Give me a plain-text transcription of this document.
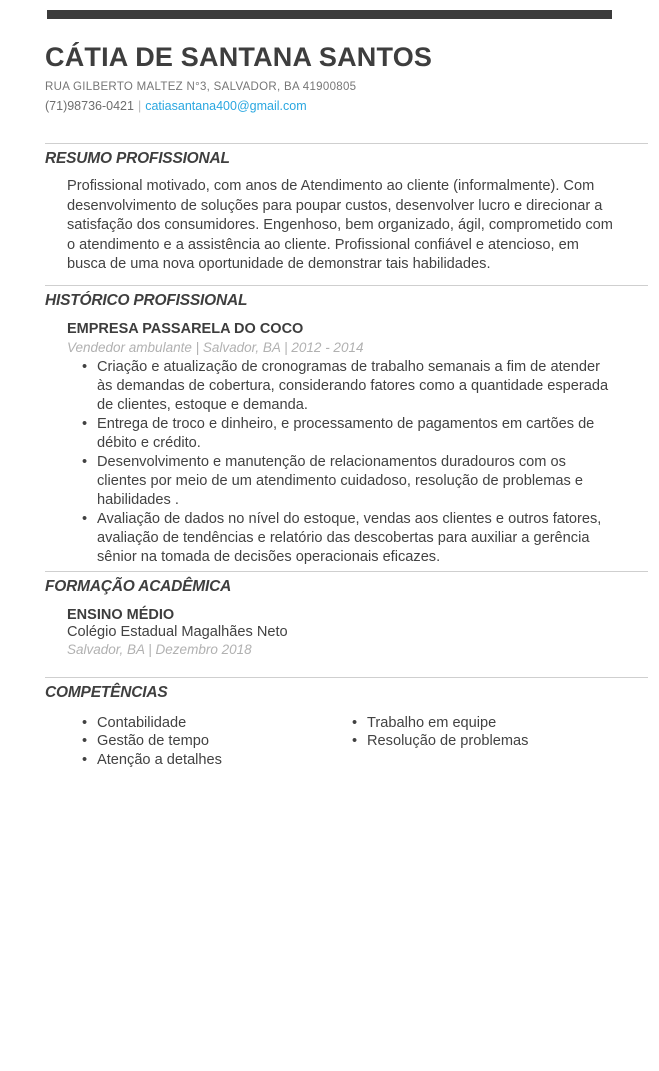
CÁTIA DE SANTANA SANTOS
RUA GILBERTO MALTEZ N°3, SALVADOR, BA 41900805
(71)98736-0421 | catiasantana400@gmail.com
RESUMO PROFISSIONAL
Profissional motivado, com anos de Atendimento ao cliente (informalmente). Com desenvolvimento de soluções para poupar custos, desenvolver lucro e direcionar a satisfação dos consumidores. Engenhoso, bem organizado, ágil, comprometido com o atendimento e a assistência ao cliente. Profissional confiável e atencioso, em busca de uma nova oportunidade de demonstrar tais habilidades.
HISTÓRICO PROFISSIONAL
EMPRESA PASSARELA DO COCO
Vendedor ambulante | Salvador, BA | 2012 - 2014
• Criação e atualização de cronogramas de trabalho semanais a fim de atender às demandas de cobertura, considerando fatores como a quantidade esperada de clientes, estoque e demanda.
• Entrega de troco e dinheiro, e processamento de pagamentos em cartões de débito e crédito.
• Desenvolvimento e manutenção de relacionamentos duradouros com os clientes por meio de um atendimento cuidadoso, resolução de problemas e habilidades .
• Avaliação de dados no nível do estoque, vendas aos clientes e outros fatores, avaliação de tendências e relatório das descobertas para auxiliar a gerência sênior na tomada de decisões operacionais eficazes.
FORMAÇÃO ACADÊMICA
ENSINO MÉDIO
Colégio Estadual Magalhães Neto
Salvador, BA | Dezembro 2018
COMPETÊNCIAS
• Contabilidade
• Gestão de tempo
• Atenção a detalhes
• Trabalho em equipe
• Resolução de problemas
